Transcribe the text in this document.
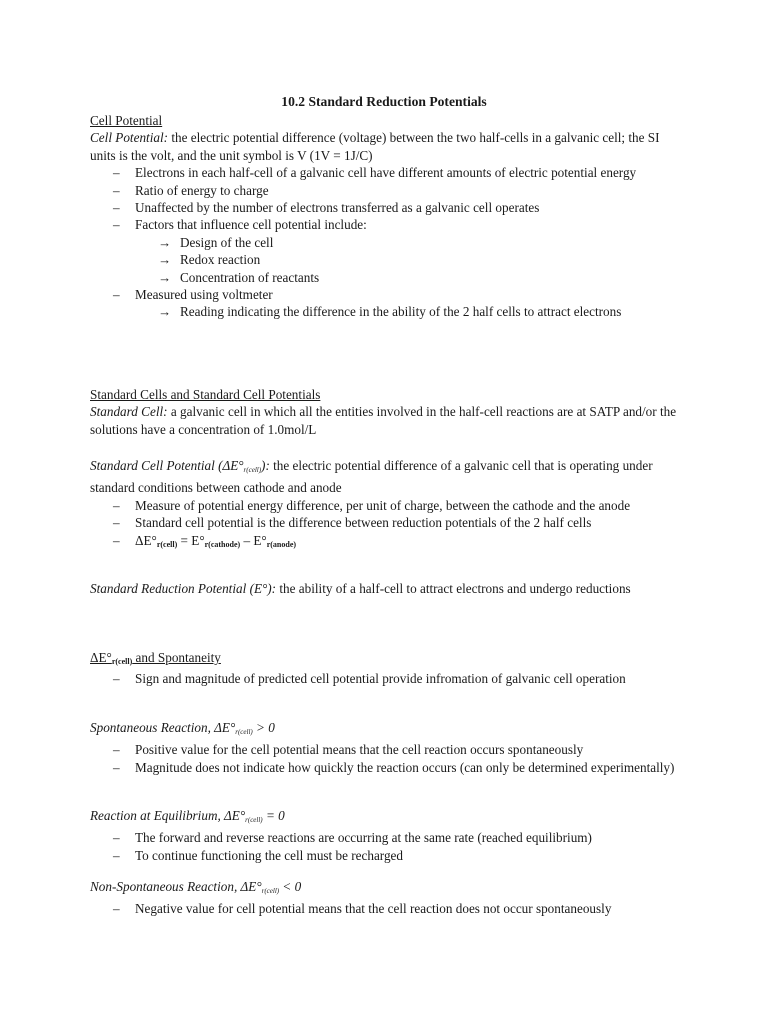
10.2 Standard Reduction Potentials
Cell Potential
Cell Potential: the electric potential difference (voltage) between the two half-cells in a galvanic cell; the SI units is the volt, and the unit symbol is V (1V = 1J/C)
– Electrons in each half-cell of a galvanic cell have different amounts of electric potential energy
– Ratio of energy to charge
– Unaffected by the number of electrons transferred as a galvanic cell operates
– Factors that influence cell potential include:
→ Design of the cell
→ Redox reaction
→ Concentration of reactants
– Measured using voltmeter
→ Reading indicating the difference in the ability of the 2 half cells to attract electrons
Standard Cells and Standard Cell Potentials
Standard Cell: a galvanic cell in which all the entities involved in the half-cell reactions are at SATP and/or the solutions have a concentration of 1.0mol/L
Standard Cell Potential $(\Delta E^\circ_{r(cell)})$: the electric potential difference of a galvanic cell that is operating under standard conditions between cathode and anode
– Measure of potential energy difference, per unit of charge, between the cathode and the anode
– Standard cell potential is the difference between reduction potentials of the 2 half cells
– $\Delta E^\circ_{r(cell)} = E^\circ_{r(cathode)} - E^\circ_{r(anode)}$
Standard Reduction Potential (E°): the ability of a half-cell to attract electrons and undergo reductions
$\Delta E^\circ_{r(cell)}$ and Spontaneity
– Sign and magnitude of predicted cell potential provide infromation of galvanic cell operation
Spontaneous Reaction, $\Delta E^\circ_{r(cell)} > 0$
– Positive value for the cell potential means that the cell reaction occurs spontaneously
– Magnitude does not indicate how quickly the reaction occurs (can only be determined experimentally)
Reaction at Equilibrium, $\Delta E^\circ_{r(cell)} = 0$
– The forward and reverse reactions are occurring at the same rate (reached equilibrium)
– To continue functioning the cell must be recharged
Non-Spontaneous Reaction, $\Delta E^\circ_{r(cell)} < 0$
– Negative value for cell potential means that the cell reaction does not occur spontaneously
